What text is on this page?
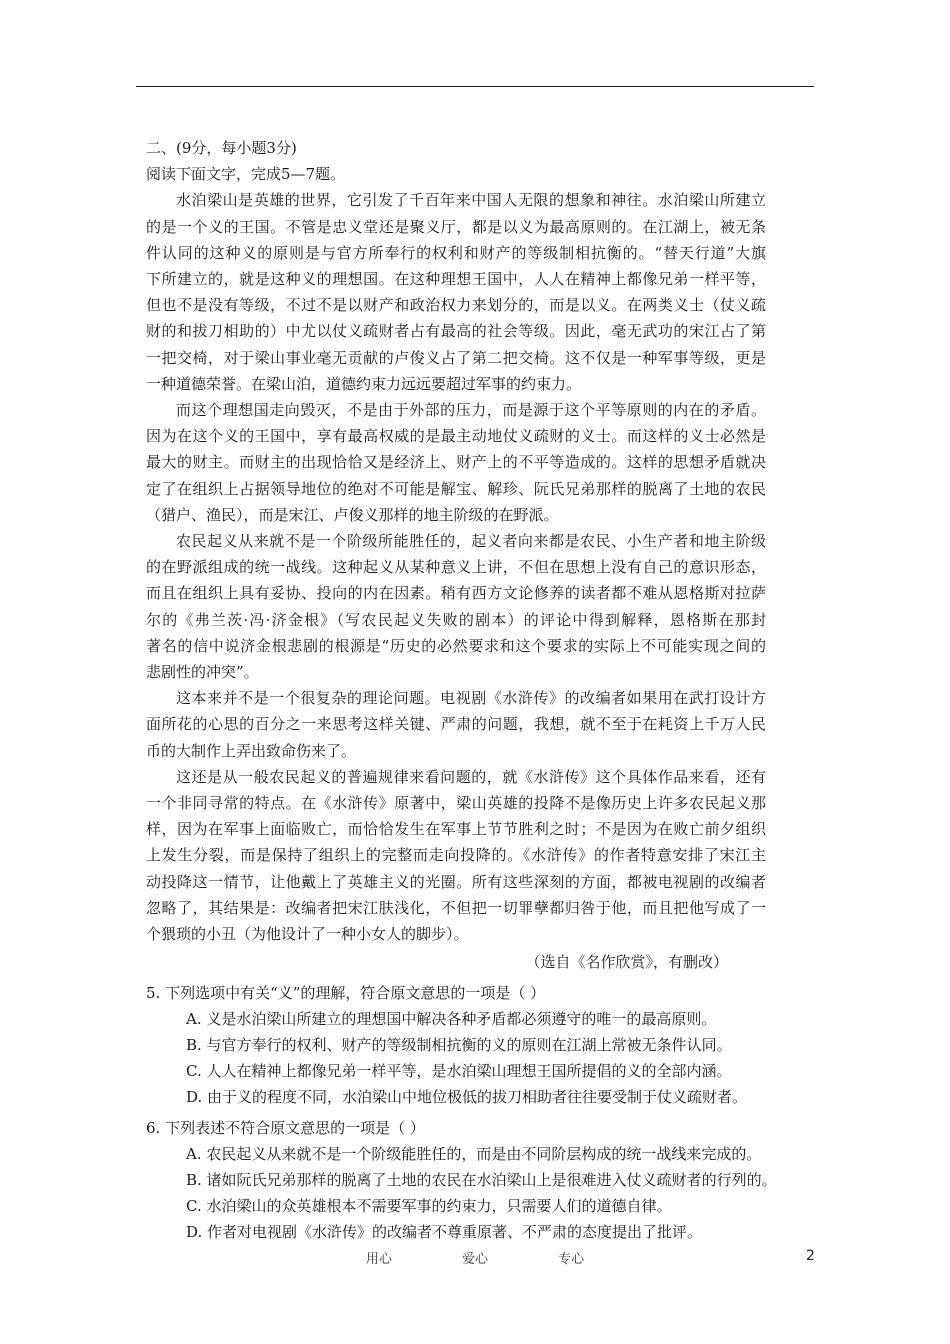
二、(9分，每小题3分)
阅读下面文字，完成5—7题。
水泊梁山是英雄的世界，它引发了千百年来中国人无限的想象和神往。水泊梁山所建立
的是一个义的王国。不管是忠义堂还是聚义厅，都是以义为最高原则的。在江湖上，被无条
件认同的这种义的原则是与官方所奉行的权利和财产的等级制相抗衡的。“替天行道”大旗
下所建立的，就是这种义的理想国。在这种理想王国中，人人在精神上都像兄弟一样平等，
但也不是没有等级，不过不是以财产和政治权力来划分的，而是以义。在两类义士（仗义疏
财的和拔刀相助的）中尤以仗义疏财者占有最高的社会等级。因此，毫无武功的宋江占了第
一把交椅，对于梁山事业毫无贡献的卢俊义占了第二把交椅。这不仅是一种军事等级，更是
一种道德荣誉。在梁山泊，道德约束力远远要超过军事的约束力。
而这个理想国走向毁灭，不是由于外部的压力，而是源于这个平等原则的内在的矛盾。
因为在这个义的王国中，享有最高权威的是最主动地仗义疏财的义士。而这样的义士必然是
最大的财主。而财主的出现恰恰又是经济上、财产上的不平等造成的。这样的思想矛盾就决
定了在组织上占据领导地位的绝对不可能是解宝、解珍、阮氏兄弟那样的脱离了土地的农民
（猎户、渔民），而是宋江、卢俊义那样的地主阶级的在野派。
农民起义从来就不是一个阶级所能胜任的，起义者向来都是农民、小生产者和地主阶级
的在野派组成的统一战线。这种起义从某种意义上讲，不但在思想上没有自己的意识形态，
而且在组织上具有妥协、投向的内在因素。稍有西方文论修养的读者都不难从恩格斯对拉萨
尔的《弗兰茨·冯·济金根》（写农民起义失败的剧本）的评论中得到解释，恩格斯在那封
著名的信中说济金根悲剧的根源是“历史的必然要求和这个要求的实际上不可能实现之间的
悲剧性的冲突”。
这本来并不是一个很复杂的理论问题。电视剧《水浒传》的改编者如果用在武打设计方
面所花的心思的百分之一来思考这样关键、严肃的问题，我想，就不至于在耗资上千万人民
币的大制作上弄出致命伤来了。
这还是从一般农民起义的普遍规律来看问题的，就《水浒传》这个具体作品来看，还有
一个非同寻常的特点。在《水浒传》原著中，梁山英雄的投降不是像历史上许多农民起义那
样，因为在军事上面临败亡，而恰恰发生在军事上节节胜利之时；不是因为在败亡前夕组织
上发生分裂，而是保持了组织上的完整而走向投降的。《水浒传》的作者特意安排了宋江主
动投降这一情节，让他戴上了英雄主义的光圈。所有这些深刻的方面，都被电视剧的改编者
忽略了，其结果是：改编者把宋江肤浅化，不但把一切罪孽都归咎于他，而且把他写成了一
个猥琐的小丑（为他设计了一种小女人的脚步）。
（选自《名作欣赏》，有删改）
5. 下列选项中有关“义”的理解，符合原文意思的一项是（ ）
A. 义是水泊梁山所建立的理想国中解决各种矛盾都必须遵守的唯一的最高原则。
B. 与官方奉行的权利、财产的等级制相抗衡的义的原则在江湖上常被无条件认同。
C. 人人在精神上都像兄弟一样平等，是水泊梁山理想王国所提倡的义的全部内涵。
D. 由于义的程度不同，水泊梁山中地位极低的拔刀相助者往往要受制于仗义疏财者。
6. 下列表述不符合原文意思的一项是（ ）
A. 农民起义从来就不是一个阶级能胜任的，而是由不同阶层构成的统一战线来完成的。
B. 诸如阮氏兄弟那样的脱离了土地的农民在水泊梁山上是很难进入仗义疏财者的行列的。
C. 水泊梁山的众英雄根本不需要军事的约束力，只需要人们的道德自律。
D. 作者对电视剧《水浒传》的改编者不尊重原著、不严肃的态度提出了批评。
用心	爱心	专心	2
